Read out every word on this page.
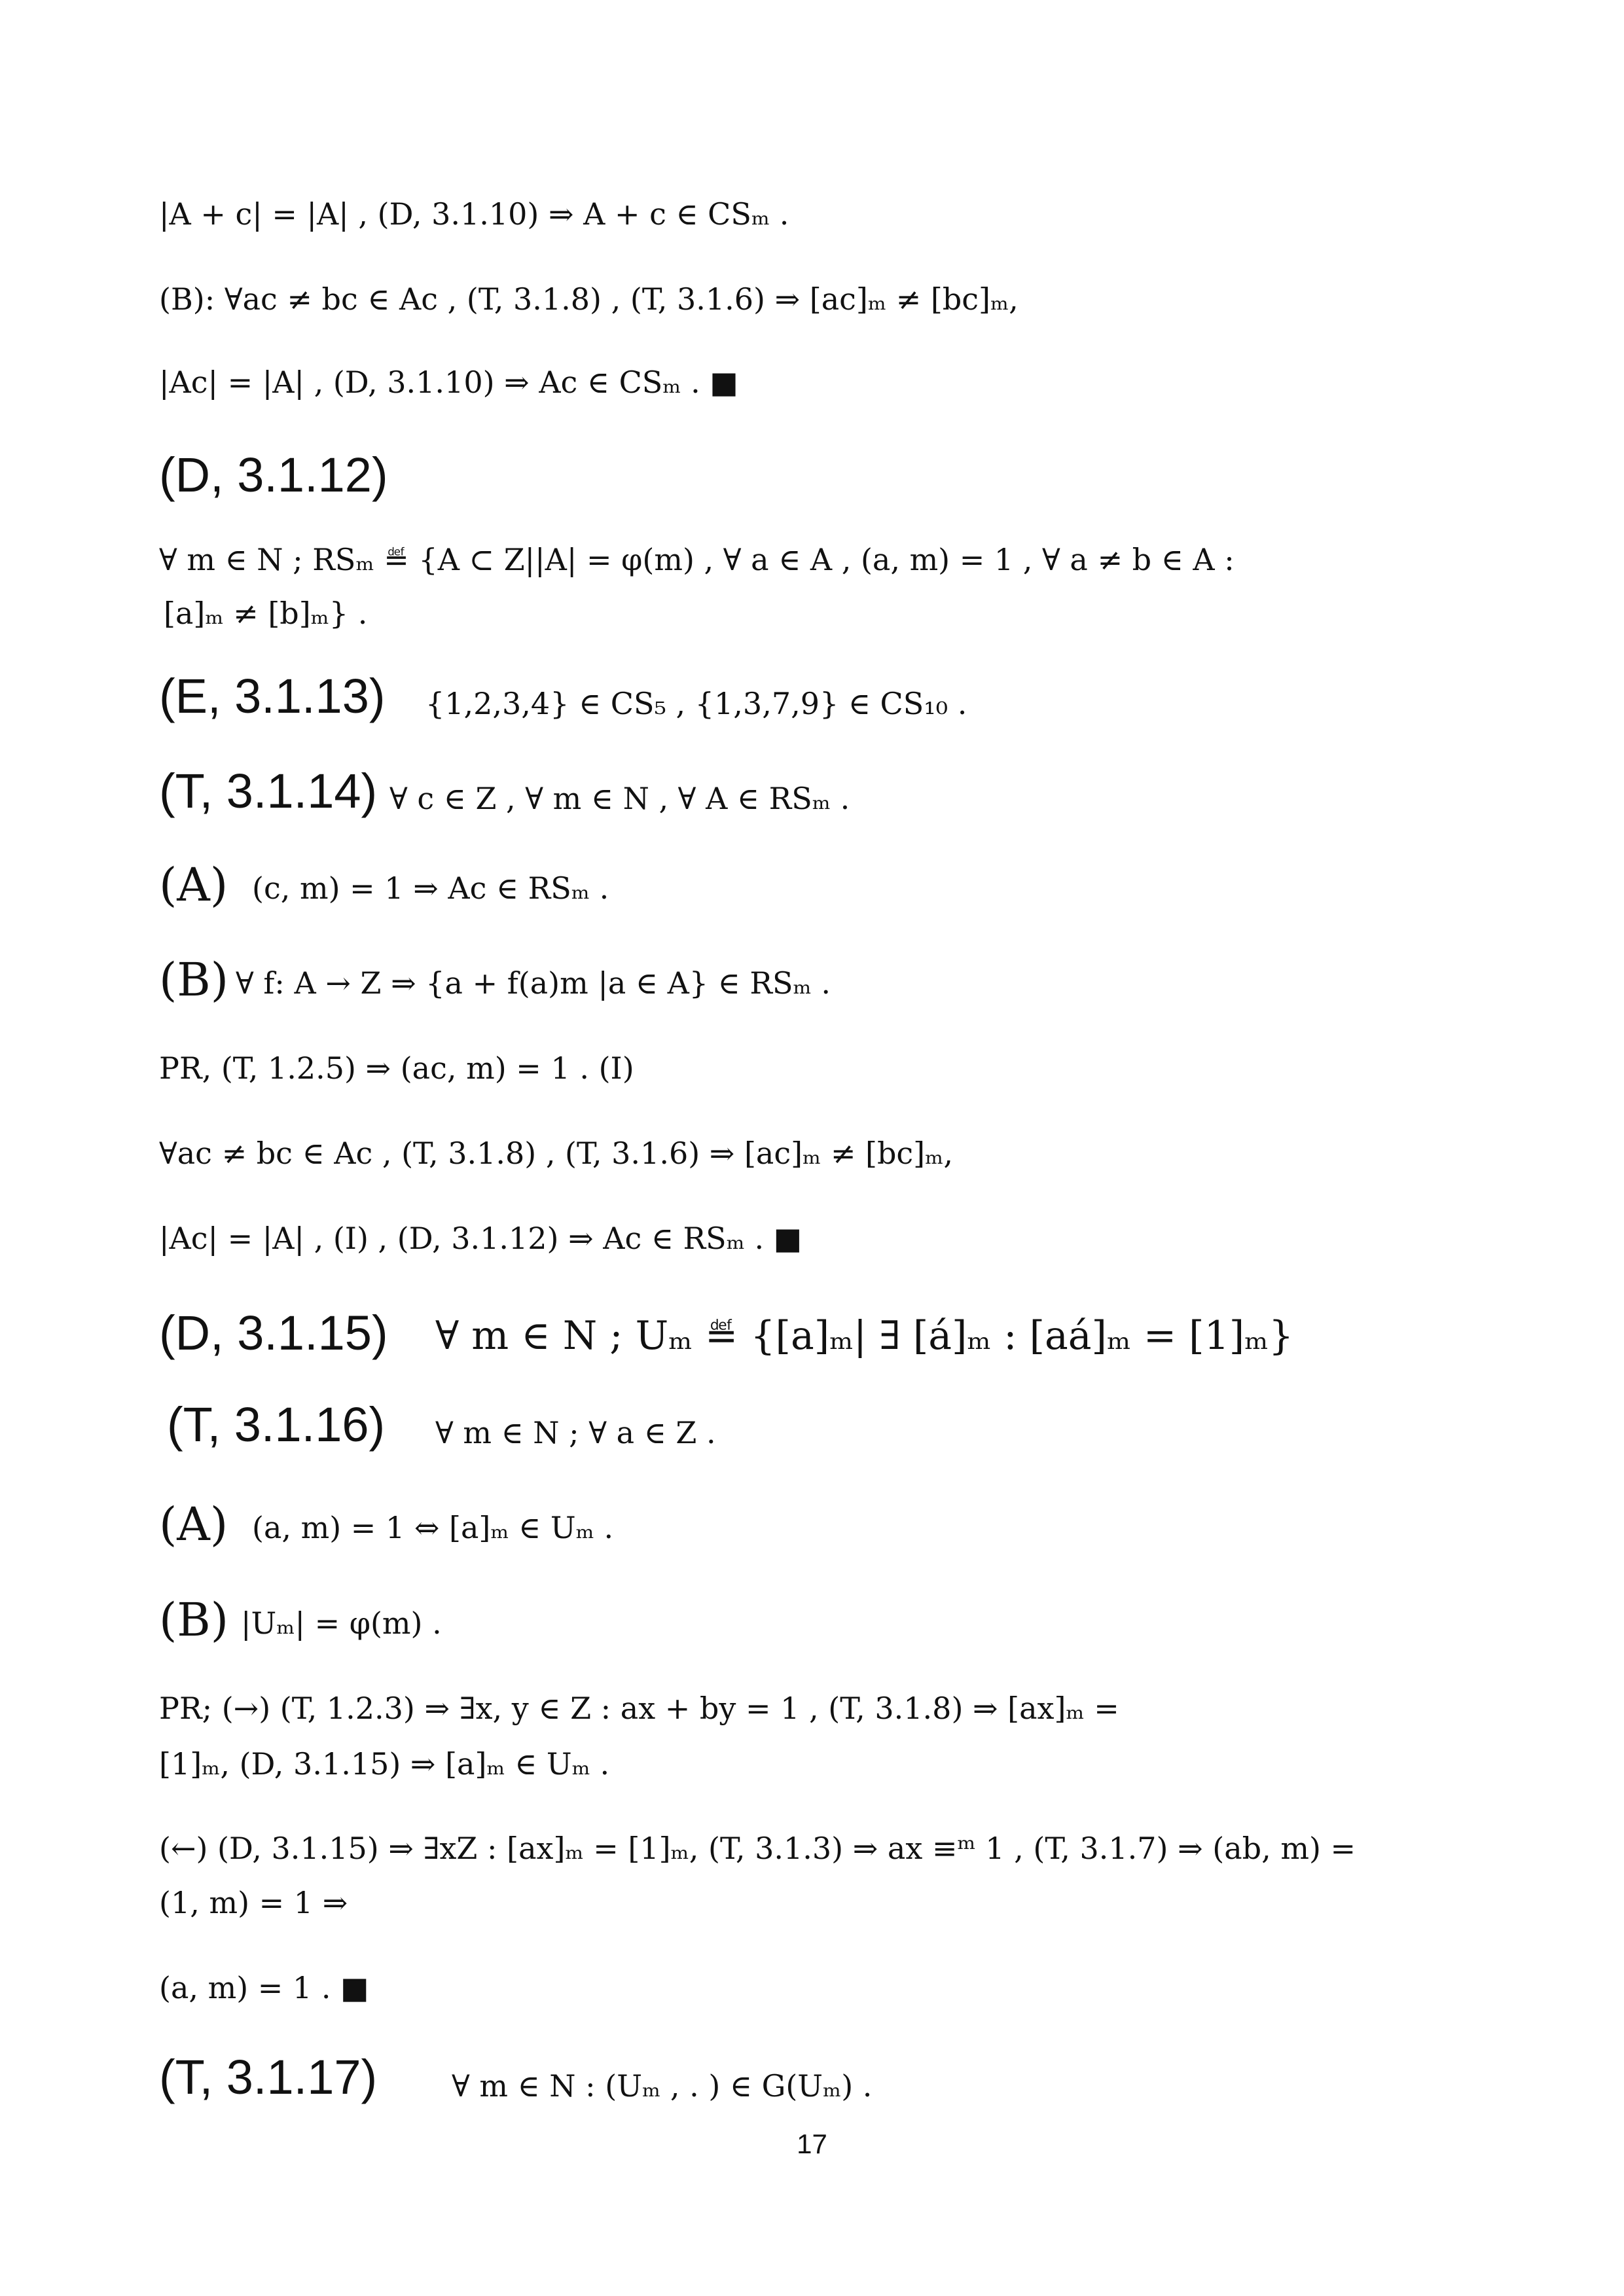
|A + c| = |A| , (D, 3.1.10) ⇒ A + c ∈ CSₘ .
(B): ∀ac ≠ bc ∈ Ac , (T, 3.1.8) , (T, 3.1.6) ⇒ [ac]ₘ ≠ [bc]ₘ,
|Ac| = |A| , (D, 3.1.10) ⇒ Ac ∈ CSₘ . ■
(D, 3.1.12)
∀ m ∈ N ; RSₘ ≝ {A ⊂ Z||A| = φ(m) , ∀ a ∈ A , (a, m) = 1 , ∀ a ≠ b ∈ A :
[a]ₘ ≠ [b]ₘ} .
(E, 3.1.13) {1,2,3,4} ∈ CS₅ , {1,3,7,9} ∈ CS₁₀ .
(T, 3.1.14) ∀ c ∈ Z , ∀ m ∈ N , ∀ A ∈ RSₘ .
(A) (c, m) = 1 ⇒ Ac ∈ RSₘ .
(B) ∀ f: A → Z ⇒ {a + f(a)m |a ∈ A} ∈ RSₘ .
PR, (T, 1.2.5) ⇒ (ac, m) = 1 . (I)
∀ac ≠ bc ∈ Ac , (T, 3.1.8) , (T, 3.1.6) ⇒ [ac]ₘ ≠ [bc]ₘ,
|Ac| = |A| , (I) , (D, 3.1.12) ⇒ Ac ∈ RSₘ . ■
(D, 3.1.15) ∀ m ∈ N ; Uₘ ≝ {[a]ₘ| ∃ [á]ₘ : [aá]ₘ = [1]ₘ}
(T, 3.1.16) ∀ m ∈ N ; ∀ a ∈ Z .
(A) (a, m) = 1 ⇔ [a]ₘ ∈ Uₘ .
(B) |Uₘ| = φ(m) .
PR; (→) (T, 1.2.3) ⇒ ∃x, y ∈ Z : ax + by = 1 , (T, 3.1.8) ⇒ [ax]ₘ =
[1]ₘ, (D, 3.1.15) ⇒ [a]ₘ ∈ Uₘ .
(←) (D, 3.1.15) ⇒ ∃xZ : [ax]ₘ = [1]ₘ, (T, 3.1.3) ⇒ ax ≡ᵐ 1 , (T, 3.1.7) ⇒ (ab, m) =
(1, m) = 1 ⇒
(a, m) = 1 . ■
(T, 3.1.17) ∀ m ∈ N : (Uₘ , . ) ∈ G(Uₘ) .
17
